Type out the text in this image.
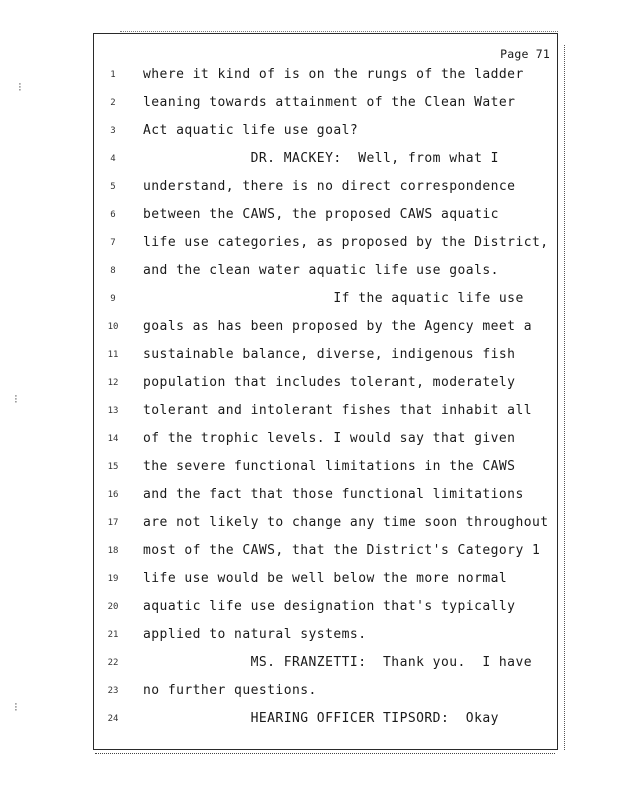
⁝
⁝
⁝
Page 71
1	where it kind of is on the rungs of the ladder
2	leaning towards attainment of the Clean Water
3	Act aquatic life use goal?
4	DR. MACKEY:  Well, from what I
5	understand, there is no direct correspondence
6	between the CAWS, the proposed CAWS aquatic
7	life use categories, as proposed by the District,
8	and the clean water aquatic life use goals.
9	If the aquatic life use
10	goals as has been proposed by the Agency meet a
11	sustainable balance, diverse, indigenous fish
12	population that includes tolerant, moderately
13	tolerant and intolerant fishes that inhabit all
14	of the trophic levels. I would say that given
15	the severe functional limitations in the CAWS
16	and the fact that those functional limitations
17	are not likely to change any time soon throughout
18	most of the CAWS, that the District's Category 1
19	life use would be well below the more normal
20	aquatic life use designation that's typically
21	applied to natural systems.
22	MS. FRANZETTI:  Thank you.  I have
23	no further questions.
24	HEARING OFFICER TIPSORD:  Okay
